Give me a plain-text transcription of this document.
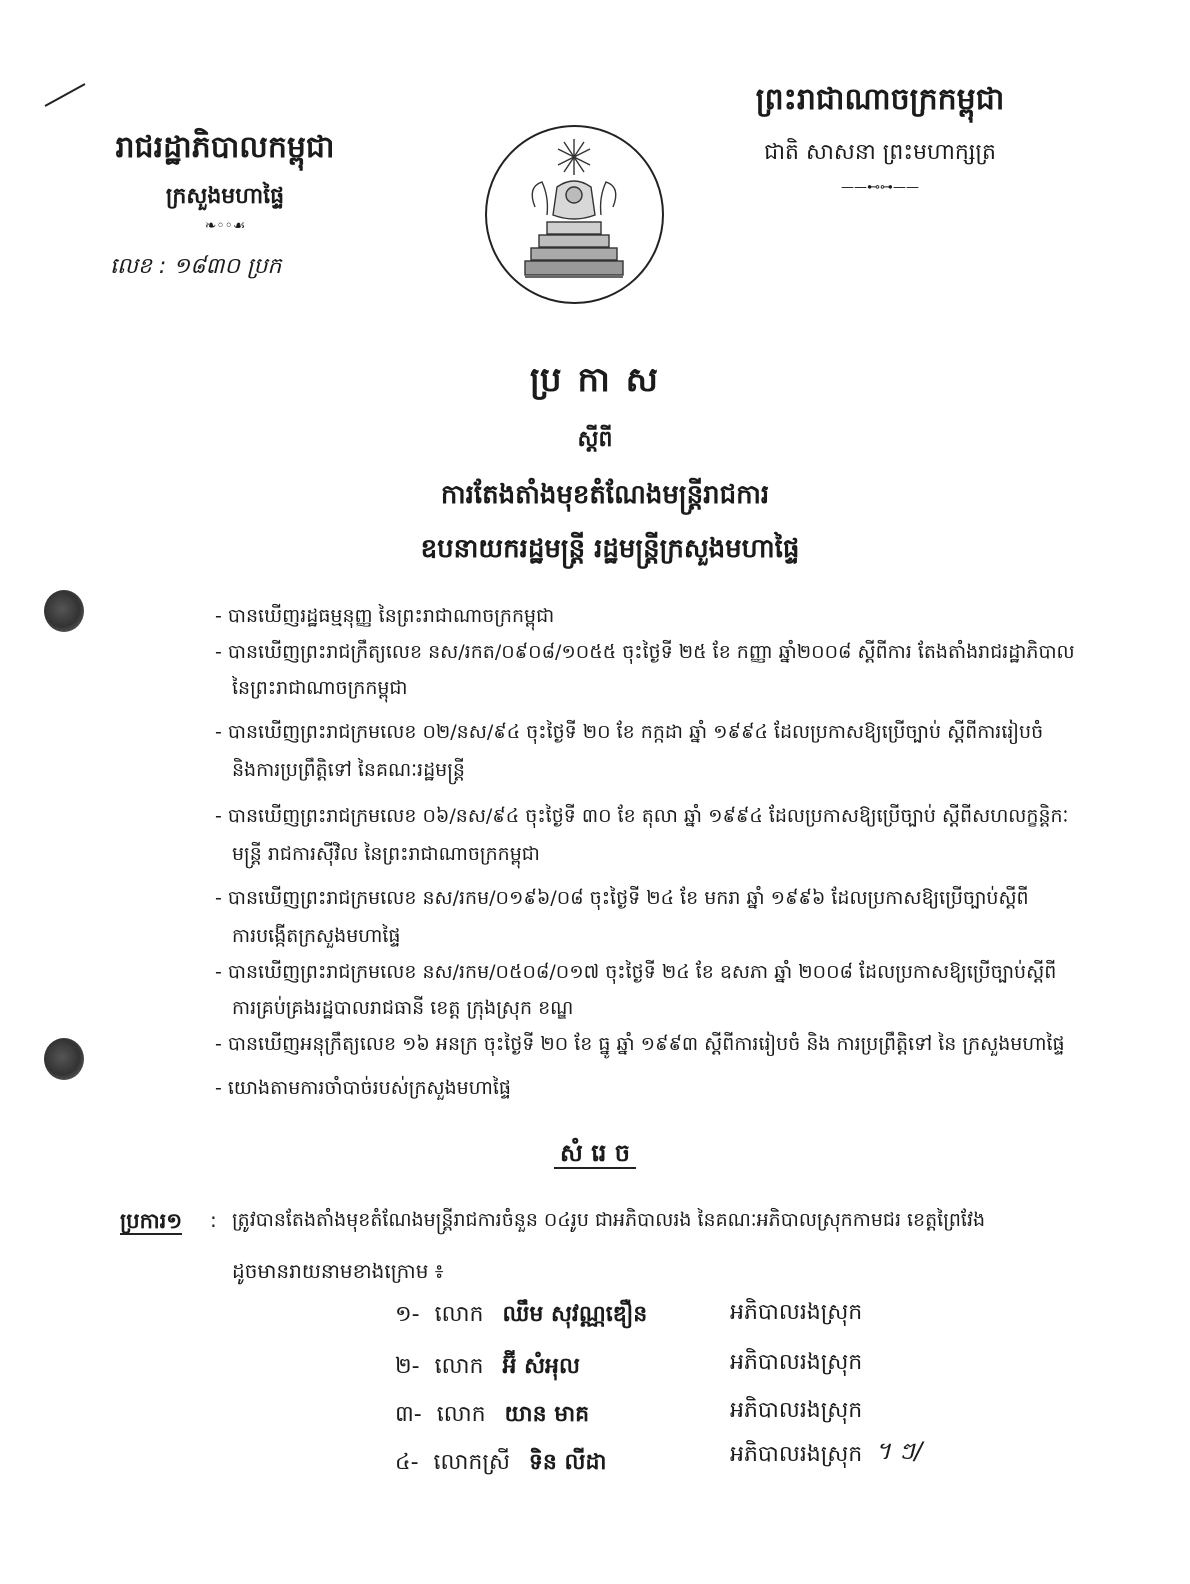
រាជរដ្ឋាភិបាលកម្ពុជា
ក្រសួងមហាផ្ទៃ
❧◦◦☙
លេខ : ១៨៣០ ប្រក
ព្រះរាជាណាចក្រកម្ពុជា
ជាតិ សាសនា ព្រះមហាក្សត្រ
——⊷⊶——
ប្រ កា ស
ស្តីពី
ការតែងតាំងមុខតំណែងមន្ត្រីរាជការ
ឧបនាយករដ្ឋមន្ត្រី រដ្ឋមន្ត្រីក្រសួងមហាផ្ទៃ
- បានឃើញរដ្ឋធម្មនុញ្ញ នៃព្រះរាជាណាចក្រកម្ពុជា
- បានឃើញព្រះរាជក្រឹត្យលេខ នស/រកត/០៩០៨/១០៥៥ ចុះថ្ងៃទី ២៥ ខែ កញ្ញា ឆ្នាំ២០០៨ ស្តីពីការ តែងតាំងរាជរដ្ឋាភិបាល
នៃព្រះរាជាណាចក្រកម្ពុជា
- បានឃើញព្រះរាជក្រមលេខ ០២/នស/៩៤ ចុះថ្ងៃទី ២០ ខែ កក្កដា ឆ្នាំ ១៩៩៤ ដែលប្រកាសឱ្យប្រើច្បាប់ ស្តីពីការរៀបចំ
និងការប្រព្រឹត្តិទៅ នៃគណៈរដ្ឋមន្ត្រី
- បានឃើញព្រះរាជក្រមលេខ ០៦/នស/៩៤ ចុះថ្ងៃទី ៣០ ខែ តុលា ឆ្នាំ ១៩៩៤ ដែលប្រកាសឱ្យប្រើច្បាប់ ស្តីពីសហលក្ខន្តិកៈ
មន្ត្រី រាជការស៊ីវិល នៃព្រះរាជាណាចក្រកម្ពុជា
- បានឃើញព្រះរាជក្រមលេខ នស/រកម/០១៩៦/០៨ ចុះថ្ងៃទី ២៤ ខែ មករា ឆ្នាំ ១៩៩៦ ដែលប្រកាសឱ្យប្រើច្បាប់ស្តីពី
ការបង្កើតក្រសួងមហាផ្ទៃ
- បានឃើញព្រះរាជក្រមលេខ នស/រកម/០៥០៨/០១៧ ចុះថ្ងៃទី ២៤ ខែ ឧសភា ឆ្នាំ ២០០៨ ដែលប្រកាសឱ្យប្រើច្បាប់ស្តីពី
ការគ្រប់គ្រងរដ្ឋបាលរាជធានី ខេត្ត ក្រុងស្រុក ខណ្ឌ
- បានឃើញអនុក្រឹត្យលេខ ១៦ អនក្រ ចុះថ្ងៃទី ២០ ខែ ធ្នូ ឆ្នាំ ១៩៩៣ ស្តីពីការរៀបចំ និង ការប្រព្រឹត្តិទៅ នៃ ក្រសួងមហាផ្ទៃ
- យោងតាមការចាំបាច់របស់ក្រសួងមហាផ្ទៃ
សំ រេ ច
ប្រការ១ : ត្រូវបានតែងតាំងមុខតំណែងមន្ត្រីរាជការចំនួន ០៤រូប ជាអភិបាលរង នៃគណៈអភិបាលស្រុកកាមជរ ខេត្តព្រៃវែង
ដូចមានរាយនាមខាងក្រោម ៖
១- លោក ឈឹម សុវណ្ណឌឿន	អភិបាលរងស្រុក
២- លោក អ៊ី សំអុល	អភិបាលរងស្រុក
៣- លោក យាន មាគ	អភិបាលរងស្រុក
៤- លោកស្រី ទិន លីដា	អភិបាលរងស្រុក ។ ៗ/
